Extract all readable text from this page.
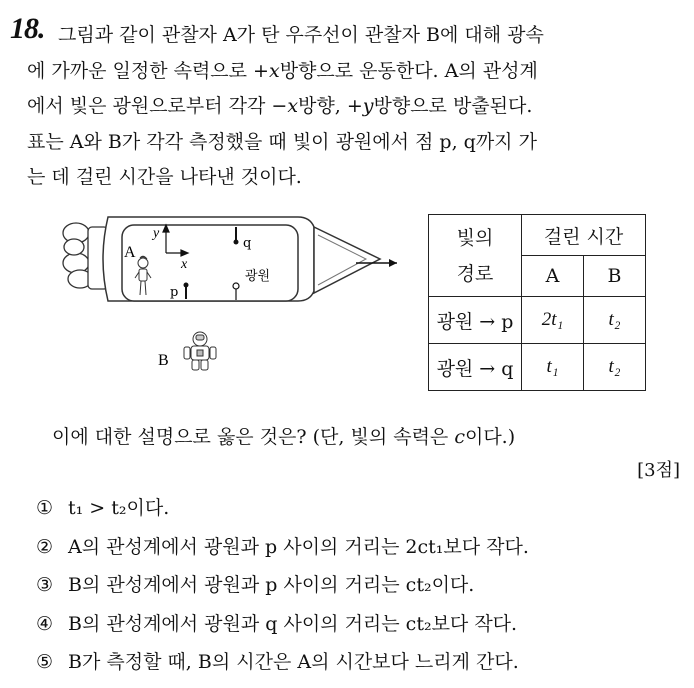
18. 그림과 같이 관찰자 A가 탄 우주선이 관찰자 B에 대해 광속
에 가까운 일정한 속력으로 +𝑥방향으로 운동한다. A의 관성계
에서 빛은 광원으로부터 각각 −𝑥방향, +𝑦방향으로 방출된다.
표는 A와 B가 각각 측정했을 때 빛이 광원에서 점 p, q까지 가
는 데 걸린 시간을 나타낸 것이다.
y
x
A
q
p
광원
B
빛의
경로	걸린 시간	
	A	B
광원 → p	2t₁	t₂
광원 → q	t₁	t₂
이에 대한 설명으로 옳은 것은? (단, 빛의 속력은 𝑐이다.)
[3점]
① t₁ > t₂이다.
② A의 관성계에서 광원과 p 사이의 거리는 2ct₁보다 작다.
③ B의 관성계에서 광원과 p 사이의 거리는 ct₂이다.
④ B의 관성계에서 광원과 q 사이의 거리는 ct₂보다 작다.
⑤ B가 측정할 때, B의 시간은 A의 시간보다 느리게 간다.
